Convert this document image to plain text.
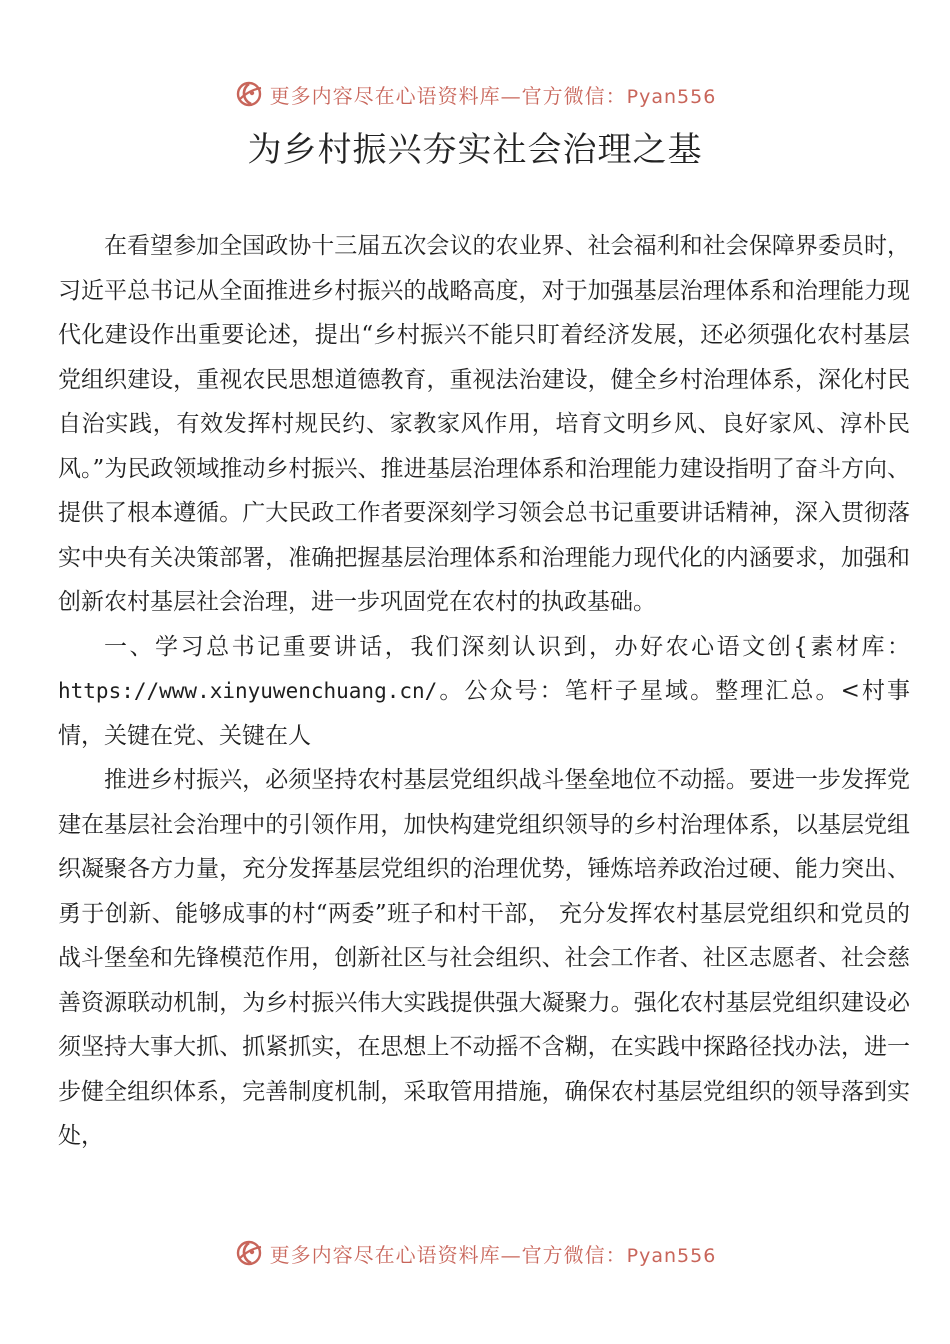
更多内容尽在心语资料库—官方微信：Pyan556
为乡村振兴夯实社会治理之基

在看望参加全国政协十三届五次会议的农业界、社会福利和社会保障界委员时，习近平总书记从全面推进乡村振兴的战略高度，对于加强基层治理体系和治理能力现代化建设作出重要论述，提出“乡村振兴不能只盯着经济发展，还必须强化农村基层党组织建设，重视农民思想道德教育，重视法治建设，健全乡村治理体系，深化村民自治实践，有效发挥村规民约、家教家风作用，培育文明乡风、良好家风、淳朴民风。”为民政领域推动乡村振兴、推进基层治理体系和治理能力建设指明了奋斗方向、提供了根本遵循。广大民政工作者要深刻学习领会总书记重要讲话精神，深入贯彻落实中央有关决策部署，准确把握基层治理体系和治理能力现代化的内涵要求，加强和创新农村基层社会治理，进一步巩固党在农村的执政基础。

一、学习总书记重要讲话，我们深刻认识到，办好农心语文创{素材库：https://www.xinyuwenchuang.cn/。公众号：笔杆子星域。整理汇总。<村事情，关键在党、关键在人

推进乡村振兴，必须坚持农村基层党组织战斗堡垒地位不动摇。要进一步发挥党建在基层社会治理中的引领作用，加快构建党组织领导的乡村治理体系，以基层党组织凝聚各方力量，充分发挥基层党组织的治理优势，锤炼培养政治过硬、能力突出、勇于创新、能够成事的村“两委”班子和村干部， 充分发挥农村基层党组织和党员的战斗堡垒和先锋模范作用，创新社区与社会组织、社会工作者、社区志愿者、社会慈善资源联动机制，为乡村振兴伟大实践提供强大凝聚力。强化农村基层党组织建设必须坚持大事大抓、抓紧抓实，在思想上不动摇不含糊，在实践中探路径找办法，进一步健全组织体系，完善制度机制，采取管用措施，确保农村基层党组织的领导落到实处，

更多内容尽在心语资料库—官方微信：Pyan556
